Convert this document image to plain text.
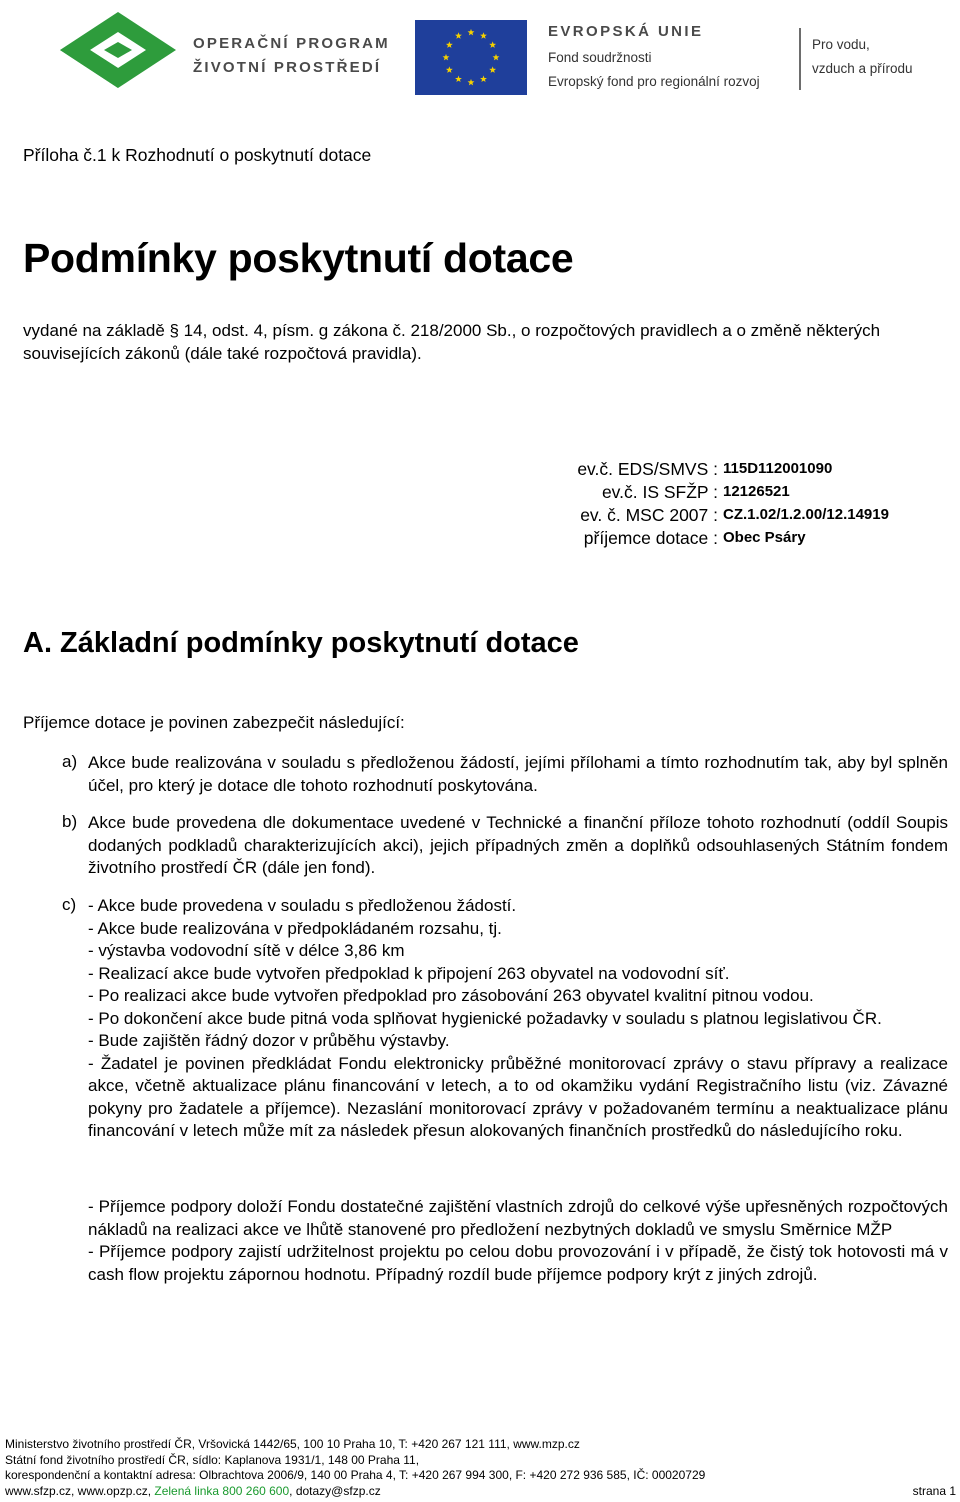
OPERAČNÍ PROGRAM
ŽIVOTNÍ PROSTŘEDÍ
EVROPSKÁ UNIE
Fond soudržnosti
Evropský fond pro regionální rozvoj
Pro vodu,
vzduch a přírodu
Příloha č.1 k Rozhodnutí o poskytnutí dotace
Podmínky poskytnutí dotace
vydané na základě § 14, odst. 4, písm. g zákona č. 218/2000 Sb., o rozpočtových pravidlech a o změně některých souvisejících zákonů (dále také rozpočtová pravidla).
ev.č. EDS/SMVS : 115D112001090
ev.č. IS SFŽP : 12126521
ev. č. MSC 2007 : CZ.1.02/1.2.00/12.14919
příjemce dotace : Obec Psáry
A. Základní podmínky poskytnutí dotace
Příjemce dotace je povinen zabezpečit následující:
a) Akce bude realizována v souladu s předloženou žádostí, jejími přílohami a tímto rozhodnutím tak, aby byl splněn účel, pro který je dotace dle tohoto rozhodnutí poskytována.
b) Akce bude provedena dle dokumentace uvedené v Technické a finanční příloze tohoto rozhodnutí (oddíl Soupis dodaných podkladů charakterizujících akci), jejich případných změn a doplňků odsouhlasených Státním fondem životního prostředí ČR (dále jen fond).
c) - Akce bude provedena v souladu s předloženou žádostí.
- Akce bude realizována v předpokládaném rozsahu, tj.
- výstavba vodovodní sítě v délce 3,86 km
- Realizací akce bude vytvořen předpoklad k připojení 263 obyvatel na vodovodní síť.
- Po realizaci akce bude vytvořen předpoklad pro zásobování 263 obyvatel kvalitní pitnou vodou.
- Po dokončení akce bude pitná voda splňovat hygienické požadavky v souladu s platnou legislativou ČR.
- Bude zajištěn řádný dozor v průběhu výstavby.
- Žadatel je povinen předkládat Fondu elektronicky průběžné monitorovací zprávy o stavu přípravy a realizace akce, včetně aktualizace plánu financování v letech, a to od okamžiku vydání Registračního listu (viz. Závazné pokyny pro žadatele a příjemce). Nezaslání monitorovací zprávy v požadovaném termínu a neaktualizace plánu financování v letech může mít za následek přesun alokovaných finančních prostředků do následujícího roku.
- Příjemce podpory doloží Fondu dostatečné zajištění vlastních zdrojů do celkové výše upřesněných rozpočtových nákladů na realizaci akce ve lhůtě stanovené pro předložení nezbytných dokladů ve smyslu Směrnice MŽP
- Příjemce podpory zajistí udržitelnost projektu po celou dobu provozování i v případě, že čistý tok hotovosti má v cash flow projektu zápornou hodnotu. Případný rozdíl bude příjemce podpory krýt z jiných zdrojů.
Ministerstvo životního prostředí ČR, Vršovická 1442/65, 100 10 Praha 10, T: +420 267 121 111, www.mzp.cz
Státní fond životního prostředí ČR, sídlo: Kaplanova 1931/1, 148 00 Praha 11,
korespondenční a kontaktní adresa: Olbrachtova 2006/9, 140 00 Praha 4, T: +420 267 994 300, F: +420 272 936 585, IČ: 00020729
www.sfzp.cz, www.opzp.cz, Zelená linka 800 260 600, dotazy@sfzp.cz	strana 1
